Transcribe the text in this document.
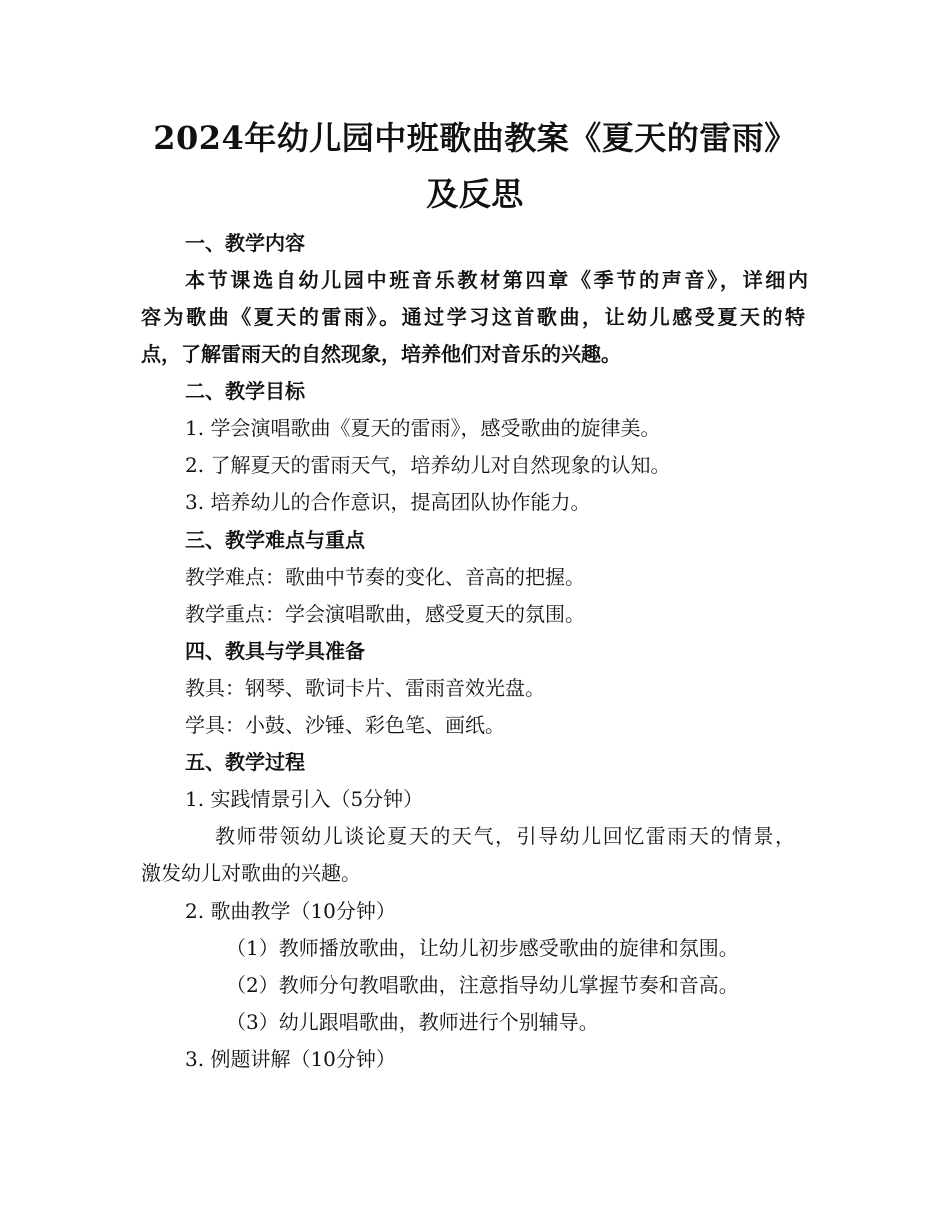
2024年幼儿园中班歌曲教案《夏天的雷雨》
及反思
一、教学内容
本节课选自幼儿园中班音乐教材第四章《季节的声音》，详细内
容为歌曲《夏天的雷雨》。通过学习这首歌曲，让幼儿感受夏天的特
点，了解雷雨天的自然现象，培养他们对音乐的兴趣。
二、教学目标
1. 学会演唱歌曲《夏天的雷雨》，感受歌曲的旋律美。
2. 了解夏天的雷雨天气，培养幼儿对自然现象的认知。
3. 培养幼儿的合作意识，提高团队协作能力。
三、教学难点与重点
教学难点：歌曲中节奏的变化、音高的把握。
教学重点：学会演唱歌曲，感受夏天的氛围。
四、教具与学具准备
教具：钢琴、歌词卡片、雷雨音效光盘。
学具：小鼓、沙锤、彩色笔、画纸。
五、教学过程
1. 实践情景引入（5分钟）
教师带领幼儿谈论夏天的天气，引导幼儿回忆雷雨天的情景，
激发幼儿对歌曲的兴趣。
2. 歌曲教学（10分钟）
（1）教师播放歌曲，让幼儿初步感受歌曲的旋律和氛围。
（2）教师分句教唱歌曲，注意指导幼儿掌握节奏和音高。
（3）幼儿跟唱歌曲，教师进行个别辅导。
3. 例题讲解（10分钟）
